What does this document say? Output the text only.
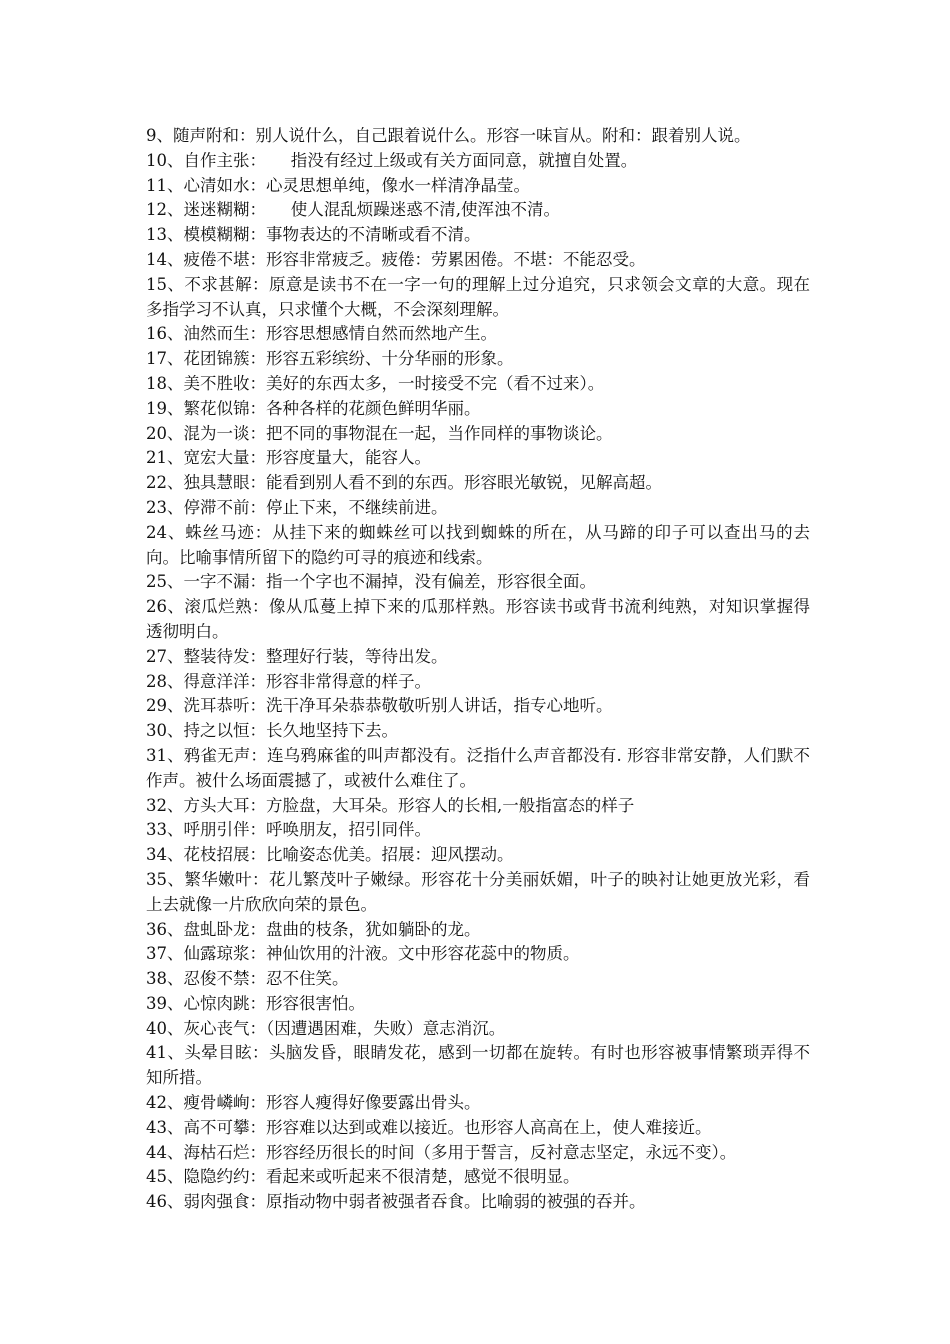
9、随声附和：别人说什么，自己跟着说什么。形容一味盲从。附和：跟着别人说。

10、自作主张：　　指没有经过上级或有关方面同意，就擅自处置。

11、心清如水：心灵思想单纯，像水一样清净晶莹。

12、迷迷糊糊：　　使人混乱烦躁迷惑不清,使浑浊不清。

13、模模糊糊：事物表达的不清晰或看不清。

14、疲倦不堪：形容非常疲乏。疲倦：劳累困倦。不堪：不能忍受。

15、不求甚解：原意是读书不在一字一句的理解上过分追究，只求领会文章的大意。现在多指学习不认真，只求懂个大概，不会深刻理解。

16、油然而生：形容思想感情自然而然地产生。

17、花团锦簇：形容五彩缤纷、十分华丽的形象。

18、美不胜收：美好的东西太多，一时接受不完（看不过来）。

19、繁花似锦：各种各样的花颜色鲜明华丽。

20、混为一谈：把不同的事物混在一起，当作同样的事物谈论。

21、宽宏大量：形容度量大，能容人。

22、独具慧眼：能看到别人看不到的东西。形容眼光敏锐，见解高超。

23、停滞不前：停止下来，不继续前进。

24、蛛丝马迹：从挂下来的蜘蛛丝可以找到蜘蛛的所在，从马蹄的印子可以查出马的去向。比喻事情所留下的隐约可寻的痕迹和线索。

25、一字不漏：指一个字也不漏掉，没有偏差，形容很全面。

26、滚瓜烂熟：像从瓜蔓上掉下来的瓜那样熟。形容读书或背书流利纯熟，对知识掌握得透彻明白。

27、整装待发：整理好行装，等待出发。

28、得意洋洋：形容非常得意的样子。

29、洗耳恭听：洗干净耳朵恭恭敬敬听别人讲话，指专心地听。

30、持之以恒：长久地坚持下去。

31、鸦雀无声：连乌鸦麻雀的叫声都没有。泛指什么声音都没有. 形容非常安静，人们默不作声。被什么场面震撼了，或被什么难住了。

32、方头大耳：方脸盘，大耳朵。形容人的长相,一般指富态的样子

33、呼朋引伴：呼唤朋友，招引同伴。

34、花枝招展：比喻姿态优美。招展：迎风摆动。

35、繁华嫩叶：花儿繁茂叶子嫩绿。形容花十分美丽妖媚，叶子的映衬让她更放光彩，看上去就像一片欣欣向荣的景色。

36、盘虬卧龙：盘曲的枝条，犹如躺卧的龙。

37、仙露琼浆：神仙饮用的汁液。文中形容花蕊中的物质。

38、忍俊不禁：忍不住笑。

39、心惊肉跳：形容很害怕。

40、灰心丧气：（因遭遇困难，失败）意志消沉。

41、头晕目眩：头脑发昏，眼睛发花，感到一切都在旋转。有时也形容被事情繁琐弄得不知所措。

42、瘦骨嶙峋：形容人瘦得好像要露出骨头。

43、高不可攀：形容难以达到或难以接近。也形容人高高在上，使人难接近。

44、海枯石烂：形容经历很长的时间（多用于誓言，反衬意志坚定，永远不变）。

45、隐隐约约：看起来或听起来不很清楚，感觉不很明显。

46、弱肉强食：原指动物中弱者被强者吞食。比喻弱的被强的吞并。
